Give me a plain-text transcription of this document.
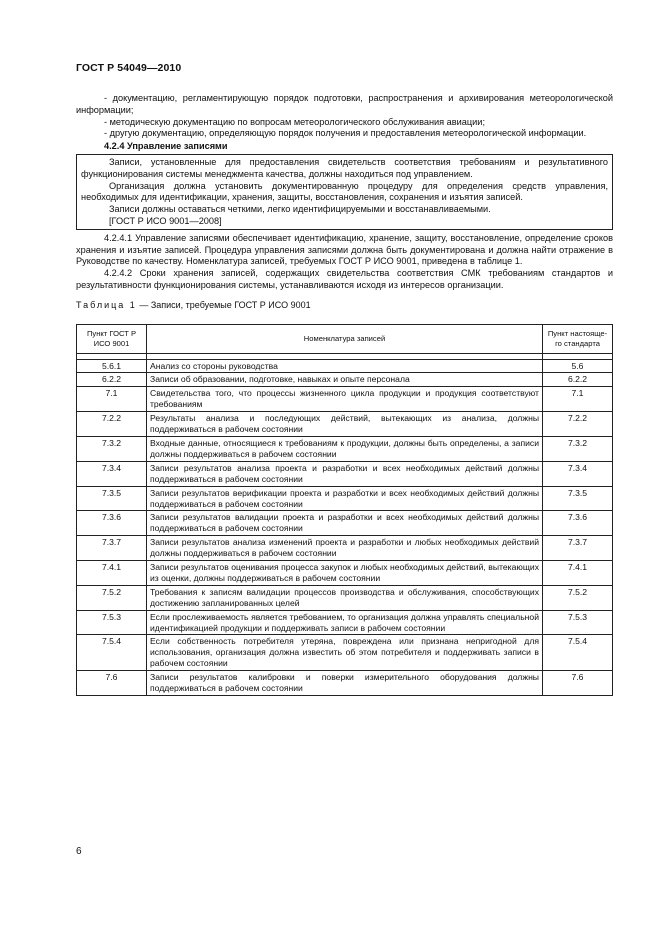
ГОСТ Р 54049—2010

- документацию, регламентирующую порядок подготовки, распространения и архивирования метеорологической информации;

- методическую документацию по вопросам метеорологического обслуживания авиации;

- другую документацию, определяющую порядок получения и предоставления метеорологической информации.

4.2.4 Управление записями

Записи, установленные для предоставления свидетельств соответствия требованиям и результативного функционирования системы менеджмента качества, должны находиться под управлением.

Организация должна установить документированную процедуру для определения средств управления, необходимых для идентификации, хранения, защиты, восстановления, сохранения и изъятия записей.

Записи должны оставаться четкими, легко идентифицируемыми и восстанавливаемыми.

[ГОСТ Р ИСО 9001—2008]

4.2.4.1 Управление записями обеспечивает идентификацию, хранение, защиту, восстановление, определение сроков хранения и изъятие записей. Процедура управления записями должна быть документирована и должна найти отражение в Руководстве по качеству. Номенклатура записей, требуемых ГОСТ Р ИСО 9001, приведена в таблице 1.

4.2.4.2 Сроки хранения записей, содержащих свидетельства соответствия СМК требованиям стандартов и результативности функционирования системы, устанавливаются исходя из интересов организации.

Таблица 1 — Записи, требуемые ГОСТ Р ИСО 9001

Пункт ГОСТ Р ИСО 9001	Номенклатура записей	Пункт настояще-го стандарта

5.6.1	Анализ со стороны руководства	5.6
6.2.2	Записи об образовании, подготовке, навыках и опыте персонала	6.2.2
7.1	Свидетельства того, что процессы жизненного цикла продукции и продукция соответствуют требованиям	7.1
7.2.2	Результаты анализа и последующих действий, вытекающих из анализа, должны поддерживаться в рабочем состоянии	7.2.2
7.3.2	Входные данные, относящиеся к требованиям к продукции, должны быть определены, а записи должны поддерживаться в рабочем состоянии	7.3.2
7.3.4	Записи результатов анализа проекта и разработки и всех необходимых действий должны поддерживаться в рабочем состоянии	7.3.4
7.3.5	Записи результатов верификации проекта и разработки и всех необходимых действий должны поддерживаться в рабочем состоянии	7.3.5
7.3.6	Записи результатов валидации проекта и разработки и всех необходимых действий должны поддерживаться в рабочем состоянии	7.3.6
7.3.7	Записи результатов анализа изменений проекта и разработки и любых необходимых действий должны поддерживаться в рабочем состоянии	7.3.7
7.4.1	Записи результатов оценивания процесса закупок и любых необходимых действий, вытекающих из оценки, должны поддерживаться в рабочем состоянии	7.4.1
7.5.2	Требования к записям валидации процессов производства и обслуживания, способствующих достижению запланированных целей	7.5.2
7.5.3	Если прослеживаемость является требованием, то организация должна управлять специальной идентификацией продукции и поддерживать записи в рабочем состоянии	7.5.3
7.5.4	Если собственность потребителя утеряна, повреждена или признана непригодной для использования, организация должна известить об этом потребителя и поддерживать записи в рабочем состоянии	7.5.4
7.6	Записи результатов калибровки и поверки измерительного оборудования должны поддерживаться в рабочем состоянии	7.6
6
